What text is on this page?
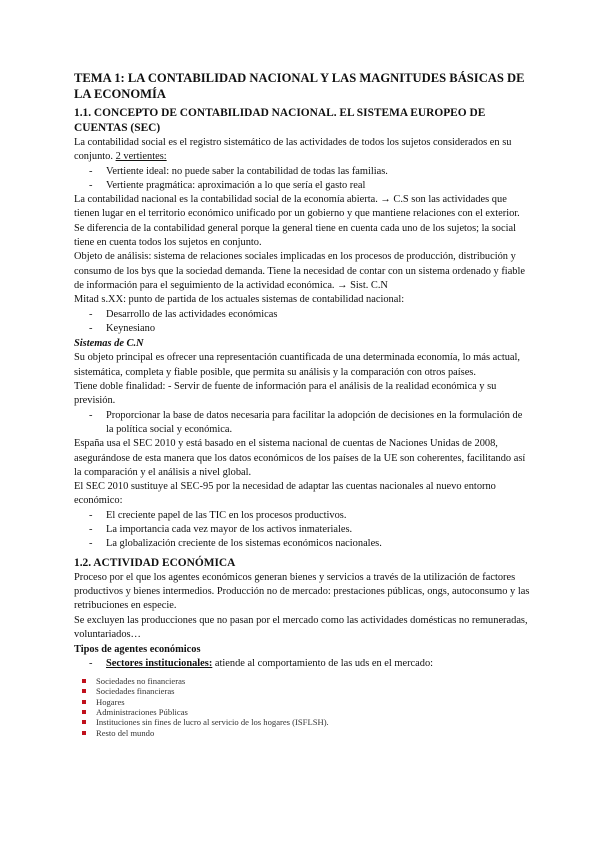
TEMA 1: LA CONTABILIDAD NACIONAL Y LAS MAGNITUDES BÁSICAS DE LA ECONOMÍA
1.1. CONCEPTO DE CONTABILIDAD NACIONAL. EL SISTEMA EUROPEO DE CUENTAS (SEC)

La contabilidad social es el registro sistemático de las actividades de todos los sujetos considerados en su conjunto. 2 vertientes:

- Vertiente ideal: no puede saber la contabilidad de todas las familias.
- Vertiente pragmática: aproximación a lo que sería el gasto real

La contabilidad nacional es la contabilidad social de la economía abierta. → C.S son las actividades que tienen lugar en el territorio económico unificado por un gobierno y que mantiene relaciones con el exterior.

Se diferencia de la contabilidad general porque la general tiene en cuenta cada uno de los sujetos; la social tiene en cuenta todos los sujetos en conjunto.

Objeto de análisis: sistema de relaciones sociales implicadas en los procesos de producción, distribución y consumo de los bys que la sociedad demanda. Tiene la necesidad de contar con un sistema ordenado y fiable de información para el seguimiento de la actividad económica. → Sist. C.N

Mitad s.XX: punto de partida de los actuales sistemas de contabilidad nacional:

- Desarrollo de las actividades económicas
- Keynesiano
Sistemas de C.N

Su objeto principal es ofrecer una representación cuantificada de una determinada economía, lo más actual, sistemática, completa y fiable posible, que permita su análisis y la comparación con otros países.

Tiene doble finalidad: - Servir de fuente de información para el análisis de la realidad económica y su previsión.

- Proporcionar la base de datos necesaria para facilitar la adopción de decisiones en la formulación de la política social y económica.

España usa el SEC 2010 y está basado en el sistema nacional de cuentas de Naciones Unidas de 2008, asegurándose de esta manera que los datos económicos de los países de la UE son coherentes, facilitando así la comparación y el análisis a nivel global.

El SEC 2010 sustituye al SEC-95 por la necesidad de adaptar las cuentas nacionales al nuevo entorno económico:

- El creciente papel de las TIC en los procesos productivos.
- La importancia cada vez mayor de los activos inmateriales.
- La globalización creciente de los sistemas económicos nacionales.
1.2. ACTIVIDAD ECONÓMICA

Proceso por el que los agentes económicos generan bienes y servicios a través de la utilización de factores productivos y bienes intermedios. Producción no de mercado: prestaciones públicas, ongs, autoconsumo y las retribuciones en especie.

Se excluyen las producciones que no pasan por el mercado como las actividades domésticas no remuneradas, voluntariados…

Tipos de agentes económicos
- Sectores institucionales: atiende al comportamiento de las uds en el mercado:
Sociedades no financieras
Sociedades financieras
Hogares
Administraciones Públicas
Instituciones sin fines de lucro al servicio de los hogares (ISFLSH).
Resto del mundo
